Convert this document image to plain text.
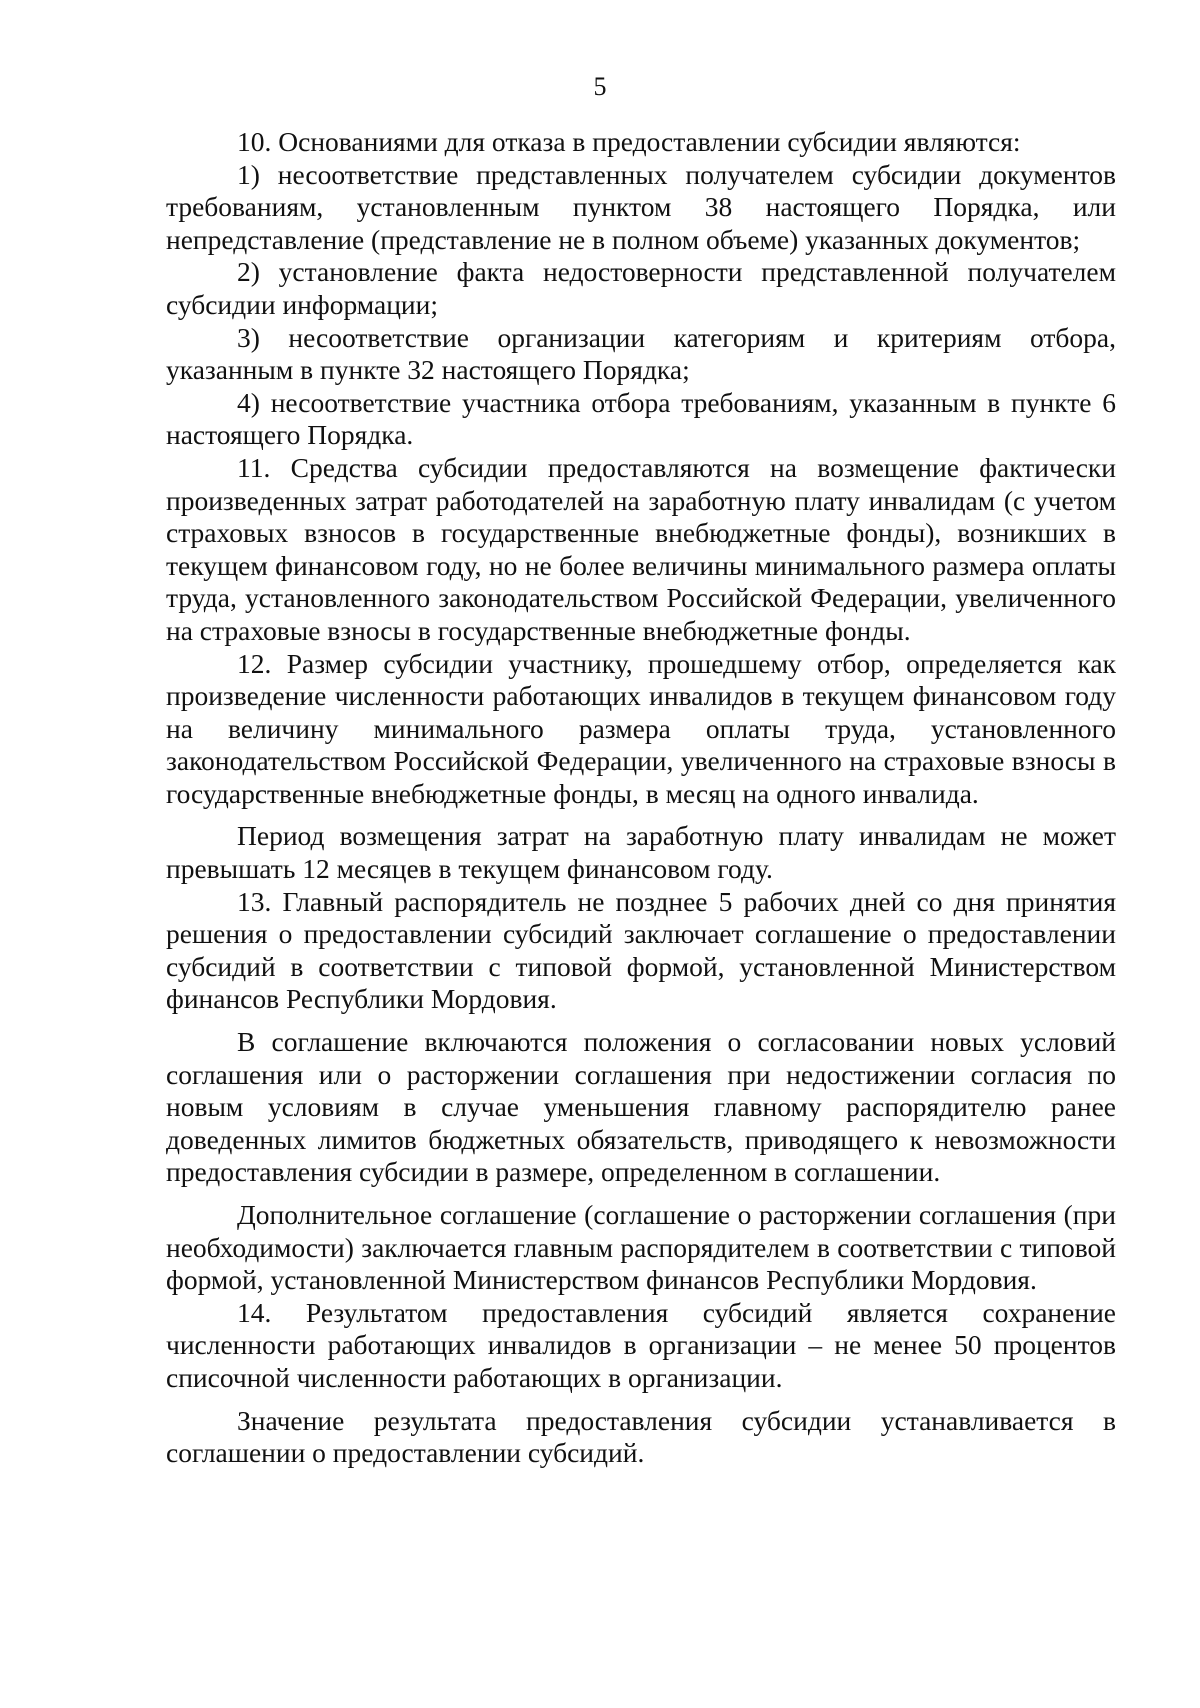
5

10. Основаниями для отказа в предоставлении субсидии являются:

1) несоответствие представленных получателем субсидии документов требованиям, установленным пунктом 38 настоящего Порядка, или непредставление (представление не в полном объеме) указанных документов;

2) установление факта недостоверности представленной получателем субсидии информации;

3) несоответствие организации категориям и критериям отбора, указанным в пункте 32 настоящего Порядка;

4) несоответствие участника отбора требованиям, указанным в пункте 6 настоящего Порядка.

11. Средства субсидии предоставляются на возмещение фактически произведенных затрат работодателей на заработную плату инвалидам (с учетом страховых взносов в государственные внебюджетные фонды), возникших в текущем финансовом году, но не более величины минимального размера оплаты труда, установленного законодательством Российской Федерации, увеличенного на страховые взносы в государственные внебюджетные фонды.

12. Размер субсидии участнику, прошедшему отбор, определяется как произведение численности работающих инвалидов в текущем финансовом году на величину минимального размера оплаты труда, установленного законодательством Российской Федерации, увеличенного на страховые взносы в государственные внебюджетные фонды, в месяц на одного инвалида.

Период возмещения затрат на заработную плату инвалидам не может превышать 12 месяцев в текущем финансовом году.

13. Главный распорядитель не позднее 5 рабочих дней со дня принятия решения о предоставлении субсидий заключает соглашение о предоставлении субсидий в соответствии с типовой формой, установленной Министерством финансов Республики Мордовия.

В соглашение включаются положения о согласовании новых условий соглашения или о расторжении соглашения при недостижении согласия по новым условиям в случае уменьшения главному распорядителю ранее доведенных лимитов бюджетных обязательств, приводящего к невозможности предоставления субсидии в размере, определенном в соглашении.

Дополнительное соглашение (соглашение о расторжении соглашения (при необходимости) заключается главным распорядителем в соответствии с типовой формой, установленной Министерством финансов Республики Мордовия.

14. Результатом предоставления субсидий является сохранение численности работающих инвалидов в организации – не менее 50 процентов списочной численности работающих в организации.

Значение результата предоставления субсидии устанавливается в соглашении о предоставлении субсидий.
